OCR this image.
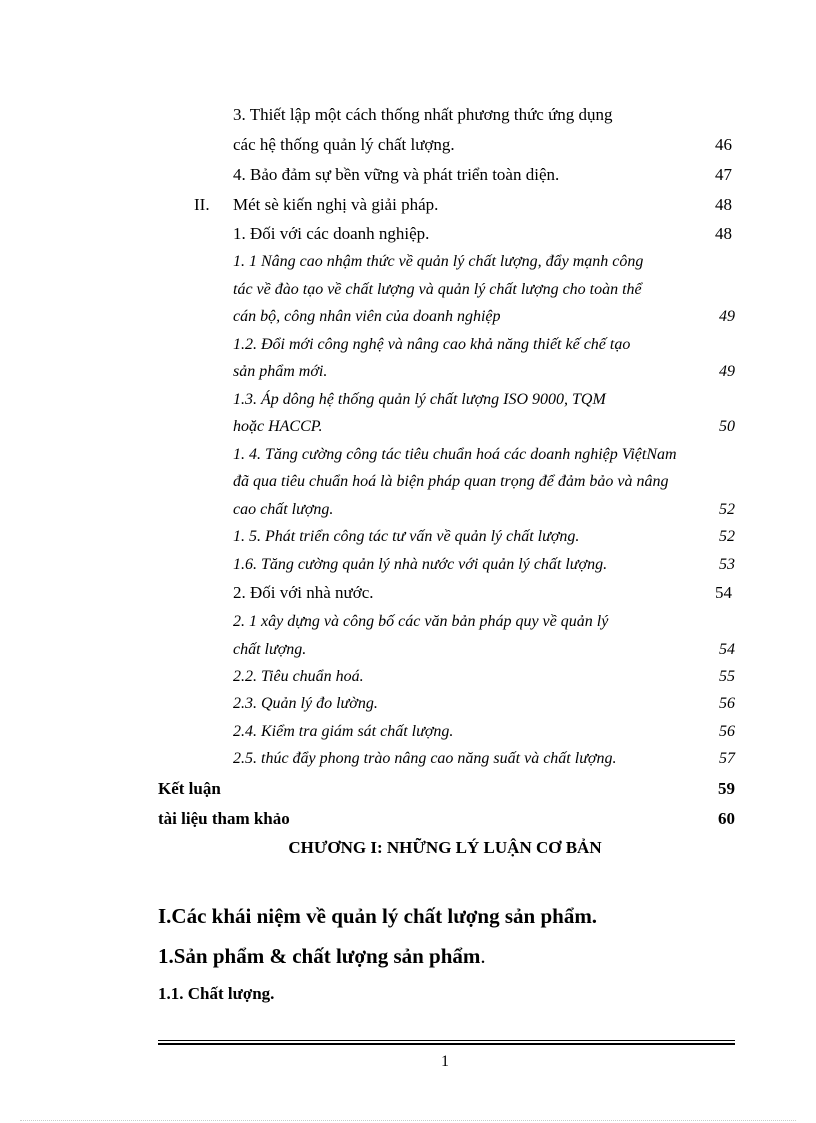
3. Thiết lập một cách thống nhất phương thức ứng dụng
các hệ thống quản lý chất lượng.	46
4. Bảo đảm sự bền vững và phát triển toàn diện.	47
II. Mét sè kiến nghị và giải pháp.	48
1. Đối với các doanh nghiệp.	48
1. 1 Nâng cao nhậm thức về quản lý chất lượng, đẩy mạnh công
tác về đào tạo về chất lượng và quản lý chất lượng cho toàn thể
cán bộ, công nhân viên của doanh nghiệp	49
1.2. Đổi mới công nghệ và nâng cao khả năng thiết kế chế tạo
sản phẩm mới.	49
1.3. Áp dông hệ thống quản lý chất lượng ISO 9000, TQM
hoặc HACCP.	50
1. 4. Tăng cường công tác tiêu chuẩn hoá các doanh nghiệp ViệtNam
đã qua tiêu chuẩn hoá là biện pháp quan trọng để đảm bảo và nâng
cao chất lượng.	52
1. 5. Phát triển công tác tư vấn về quản lý chất lượng.	52
1.6. Tăng cường quản lý nhà nước với quản lý chất lượng.	53
2. Đối với nhà nước.	54
2. 1 xây dựng và công bố các văn bản pháp quy về quản lý
chất lượng.	54
2.2. Tiêu chuẩn hoá.	55
2.3. Quản lý đo lường.	56
2.4. Kiểm tra giám sát chất lượng.	56
2.5. thúc đẩy phong trào nâng cao năng suất và chất lượng.	57
Kết luận	59
tài liệu tham khảo	60
CHƯƠNG I: NHỮNG LÝ LUẬN CƠ BẢN
I.Các khái niệm về quản lý chất lượng sản phẩm.
1.Sản phẩm & chất lượng sản phẩm.
1.1. Chất lượng.
1
